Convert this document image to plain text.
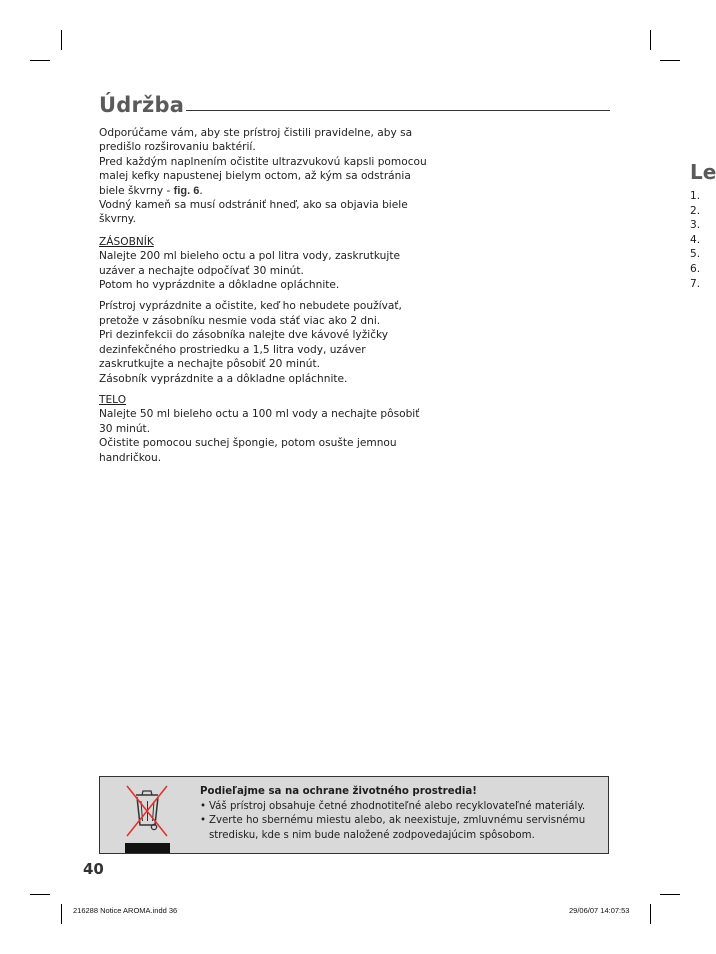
Údržba
Odporúčame vám, aby ste prístroj čistili pravidelne, aby sa
predišlo rozširovaniu baktérií.
Pred každým naplnením očistite ultrazvukovú kapsli pomocou
malej kefky napustenej bielym octom, až kým sa odstránia
biele škvrny - fig. 6.
Vodný kameň sa musí odstrániť hneď, ako sa objavia biele
škvrny.
ZÁSOBNÍK
Nalejte 200 ml bieleho octu a pol litra vody, zaskrutkujte
uzáver a nechajte odpočívať 30 minút.
Potom ho vyprázdnite a dôkladne opláchnite.
Prístroj vyprázdnite a očistite, keď ho nebudete používať,
pretože v zásobníku nesmie voda stáť viac ako 2 dni.
Pri dezinfekcii do zásobníka nalejte dve kávové lyžičky
dezinfekčného prostriedku a 1,5 litra vody, uzáver
zaskrutkujte a nechajte pôsobiť 20 minút.
Zásobník vyprázdnite a a dôkladne opláchnite.
TELO
Nalejte 50 ml bieleho octu a 100 ml vody a nechajte pôsobiť
30 minút.
Očistite pomocou suchej špongie, potom osušte jemnou
handričkou.
Le
1.
2.
3.
4.
5.
6.
7.
Podieľajme sa na ochrane životného prostredia!
• Váš prístroj obsahuje četné zhodnotiteľné alebo recyklovateľné materiály.
• Zverte ho sbernému miestu alebo, ak neexistuje, zmluvnému servisnému
stredisku, kde s nim bude naložené zodpovedajúcim spôsobom.
40
216288 Notice AROMA.indd 36	29/06/07 14:07:53
